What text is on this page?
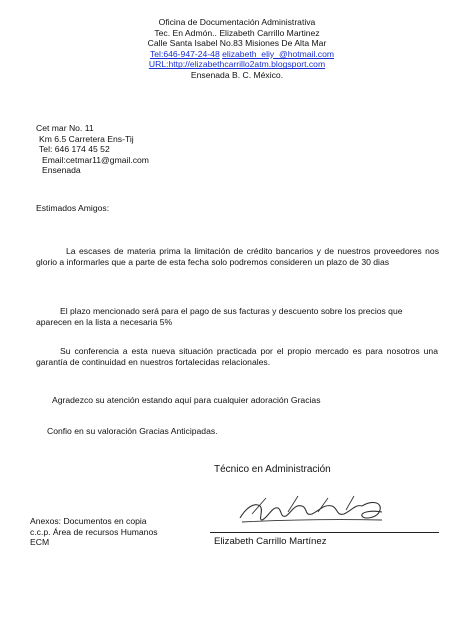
Oficina de Documentación Administrativa
Tec. En Admón.. Elizabeth Carrillo Martinez
Calle Santa Isabel No.83 Misiones De Alta Mar
Tel:646-947-24-48 elizabeth_eliy_@hotmail.com
URL:http://elizabethcarrillo2atm.blogsport.com
Ensenada B. C. México.
Cet mar No. 11
Km 6.5 Carretera Ens-Tij
Tel: 646 174 45 52
Email:cetmar11@gmail.com
Ensenada
Estimados Amigos:
La escases de materia prima la limitación de crédito bancarios y de nuestros proveedores nos glorio a informarles que a parte de esta fecha solo podremos consideren un plazo de 30 dias
El plazo mencionado será para el pago de sus facturas y descuento sobre los precios que aparecen en la lista a necesaria 5%
Su conferencia a esta nueva situación practicada por el propio mercado es para nosotros una garantía de continuidad en nuestros fortalecidas relacionales.
Agradezco su atención estando aquí para cualquier adoración Gracias
Confio en su valoración Gracias Anticipadas.
Técnico en Administración
Elizabeth Carrillo Martínez
Anexos: Documentos en copia
c.c.p. Área de recursos Humanos
ECM
